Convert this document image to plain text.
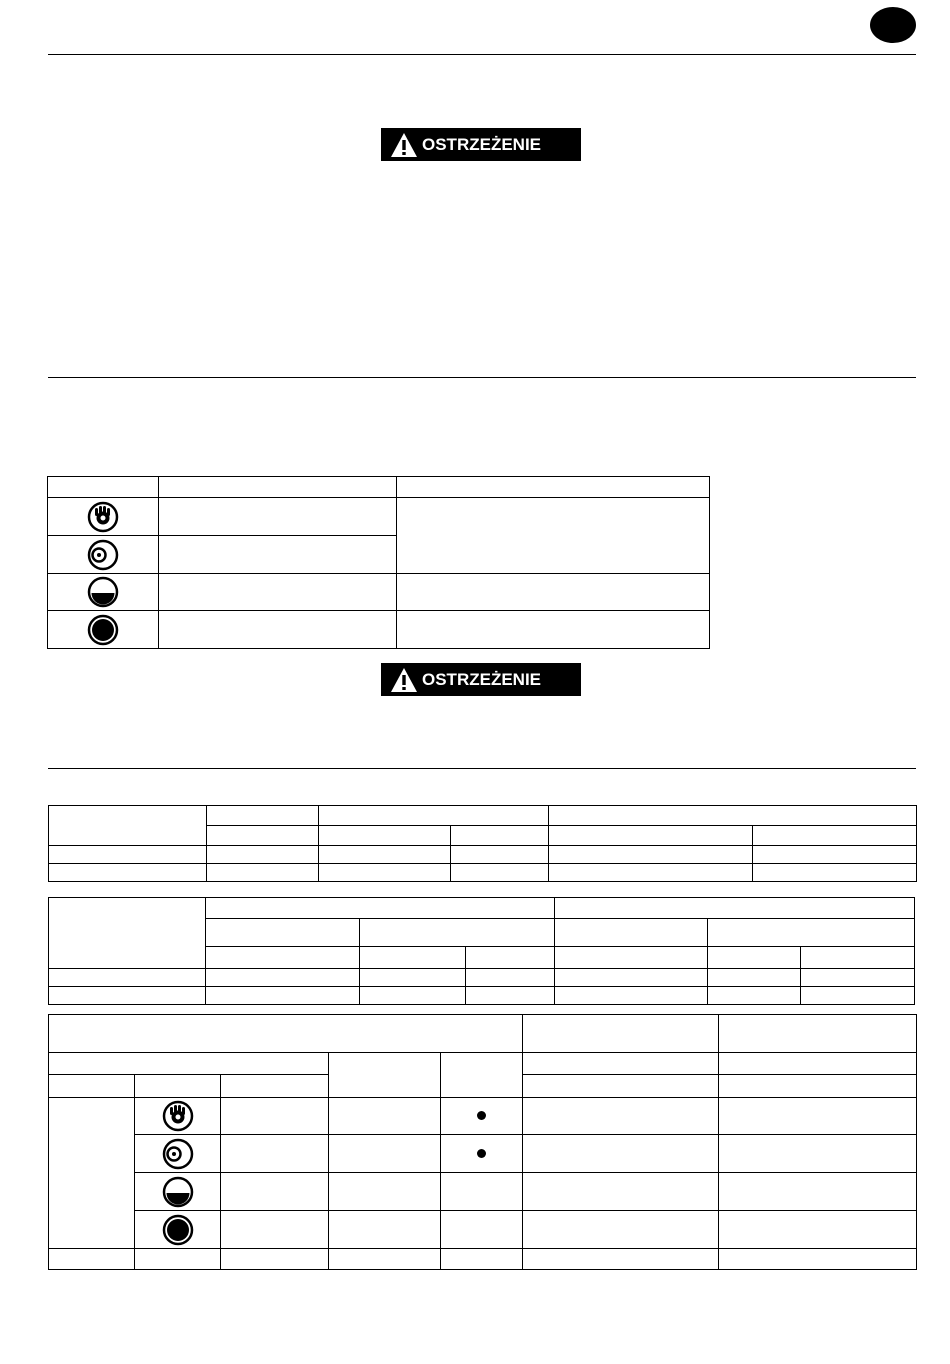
OSTRZEŻENIE

OSTRZEŻENIE
